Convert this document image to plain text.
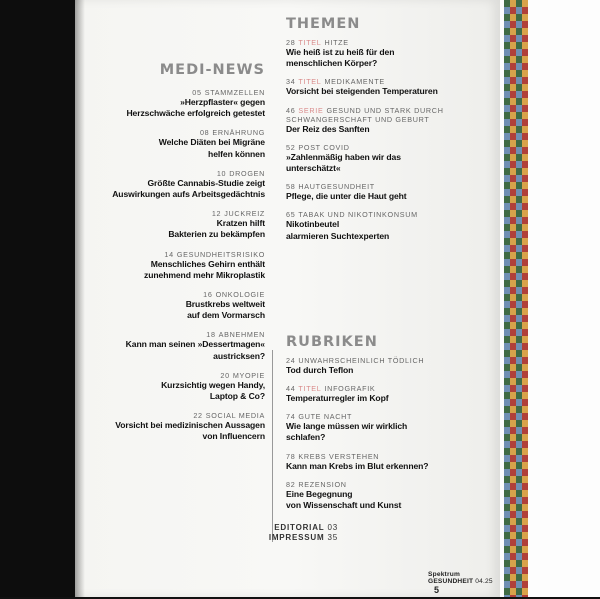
MEDI-NEWS
05 STAMMZELLEN
»Herzpflaster« gegen
Herzschwäche erfolgreich getestet
08 ERNÄHRUNG
Welche Diäten bei Migräne
helfen können
10 DROGEN
Größte Cannabis-Studie zeigt
Auswirkungen aufs Arbeitsgedächtnis
12 JUCKREIZ
Kratzen hilft
Bakterien zu bekämpfen
14 GESUNDHEITSRISIKO
Menschliches Gehirn enthält
zunehmend mehr Mikroplastik
16 ONKOLOGIE
Brustkrebs weltweit
auf dem Vormarsch
18 ABNEHMEN
Kann man seinen »Dessertmagen«
austricksen?
20 MYOPIE
Kurzsichtig wegen Handy,
Laptop & Co?
22 SOCIAL MEDIA
Vorsicht bei medizinischen Aussagen
von Influencern
THEMEN
28 TITEL HITZE
Wie heiß ist zu heiß für den
menschlichen Körper?
34 TITEL MEDIKAMENTE
Vorsicht bei steigenden Temperaturen
46 SERIE GESUND UND STARK DURCH SCHWANGERSCHAFT UND GEBURT
Der Reiz des Sanften
52 POST COVID
»Zahlenmäßig haben wir das
unterschätzt«
58 HAUTGESUNDHEIT
Pflege, die unter die Haut geht
65 TABAK UND NIKOTINKONSUM
Nikotinbeutel
alarmieren Suchtexperten
RUBRIKEN
24 UNWAHRSCHEINLICH TÖDLICH
Tod durch Teflon
44 TITEL INFOGRAFIK
Temperaturregler im Kopf
74 GUTE NACHT
Wie lange müssen wir wirklich
schlafen?
78 KREBS VERSTEHEN
Kann man Krebs im Blut erkennen?
82 REZENSION
Eine Begegnung
von Wissenschaft und Kunst
EDITORIAL 03
IMPRESSUM 35
Spektrum GESUNDHEIT 04.25 5
